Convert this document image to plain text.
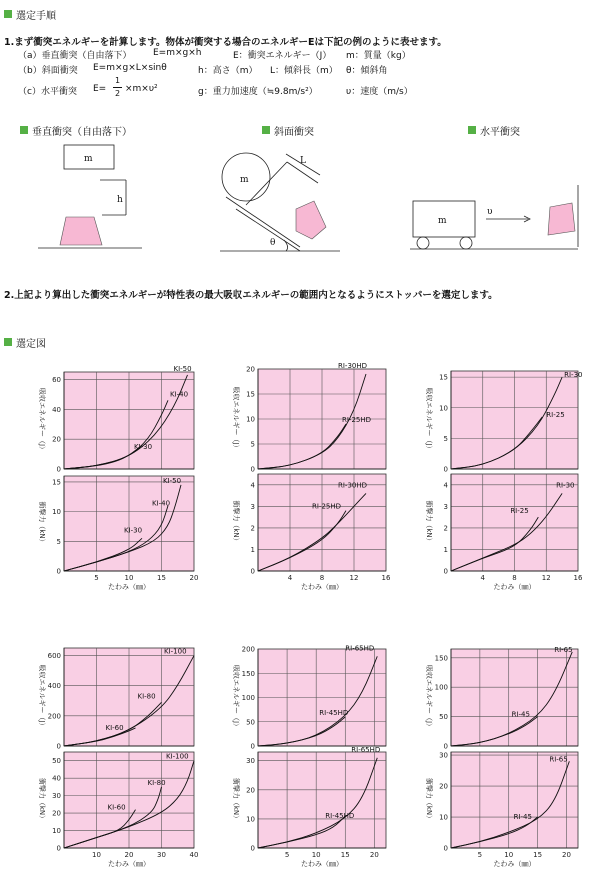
選定手順
1.まず衝突エネルギーを計算します。物体が衝突する場合のエネルギーEは下記の例のように表せます。
（a）垂直衝突（自由落下） E=m×g×h	E：衝突エネルギー（J） m：質量（kg）
（b）斜面衝突 E=m×g×L×sinθ	h：高さ（m） L：傾斜長（m） θ：傾斜角
（c）水平衝突 E=
1
2 ×m×υ²	g：重力加速度（≒9.8m/s²）	υ：速度（m/s）
垂直衝突（自由落下）	斜面衝突	水平衝突
m
h
m
L
θ
m
υ
2.上記より算出した衝突エネルギーが特性表の最大吸収エネルギーの範囲内となるようにストッパーを選定します。
選定図
0
20
40
60
吸収エネルギー（J）
KI-50
KI-40
KI-30
0
5
10
15
衝撃力（kN）
KI-50
KI-40
KI-30
5	10	15	20
たわみ（㎜）
0
5
10
15
20
吸収エネルギー（J）
RI-30HD
RI-25HD
0
1
2
3
4
衝撃力（kN）
RI-30HD
RI-25HD
4	8	12	16
たわみ（㎜）
0
5
10
15
吸収エネルギー（J）
RI-30
RI-25
0
1
2
3
4
衝撃力（kN）
RI-30
RI-25
4	8	12	16
たわみ（㎜）
0
200
400
600
吸収エネルギー（J）
KI-100
KI-80
KI-60
0
10
20
30
40
50
衝撃力（kN）
KI-100
KI-80
KI-60
10	20	30	40
たわみ（㎜）
0
50
100
150
200
吸収エネルギー（J）
RI-65HD
RI-45HD
0
10
20
30
衝撃力（kN）
RI-65HD
RI-45HD
5	10	15	20
たわみ（㎜）
0
50
100
150
吸収エネルギー（J）
RI-65
RI-45
0
10
20
30
衝撃力（kN）
RI-65
RI-45
5	10	15	20
たわみ（㎜）
